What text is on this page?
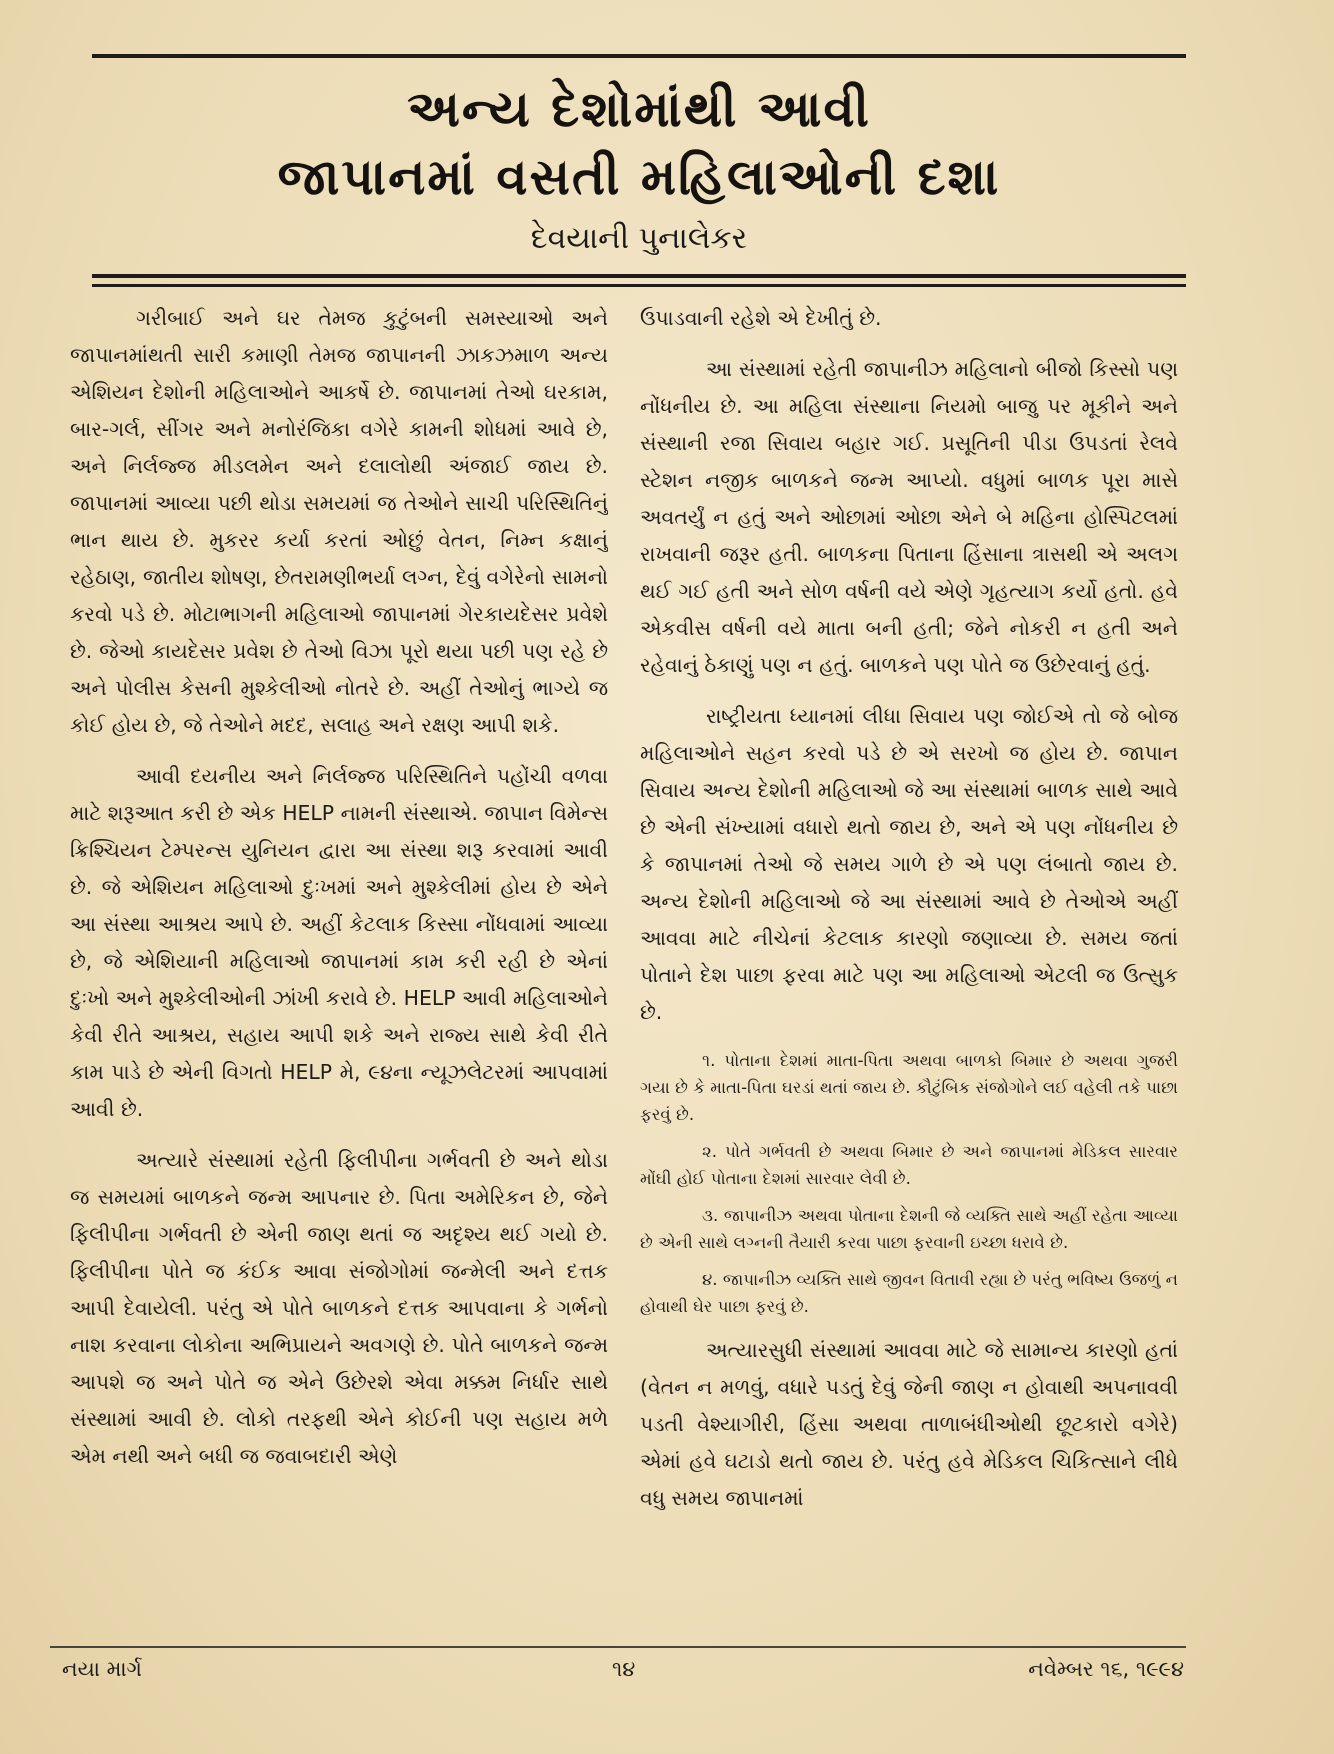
અન્ય દેશોમાંથી આવી
જાપાનમાં વસતી મહિલાઓની દશા
દેવયાની પુનાલેકર

ગરીબાઈ અને ઘર તેમજ કુટુંબની સમસ્યાઓ અને જાપાનમાંથતી સારી કમાણી તેમજ જાપાનની ઝાકઝમાળ અન્ય એશિયન દેશોની મહિલાઓને આકર્ષે છે. જાપાનમાં તેઓ ઘરકામ, બાર-ગર્લ, સીંગર અને મનોરંજિકા વગેરે કામની શોધમાં આવે છે, અને નિર્લજ્જ મીડલમેન અને દલાલોથી અંજાઈ જાય છે. જાપાનમાં આવ્યા પછી થોડા સમયમાં જ તેઓને સાચી પરિસ્થિતિનું ભાન થાય છે. મુકરર કર્યા કરતાં ઓછું વેતન, નિમ્ન કક્ષાનું રહેઠાણ, જાતીય શોષણ, છેતરામણીભર્યા લગ્ન, દેવું વગેરેનો સામનો કરવો પડે છે. મોટાભાગની મહિલાઓ જાપાનમાં ગેરકાયદેસર પ્રવેશે છે. જેઓ કાયદેસર પ્રવેશ છે તેઓ વિઝા પૂરો થયા પછી પણ રહે છે અને પોલીસ કેસની મુશ્કેલીઓ નોતરે છે. અહીં તેઓનું ભાગ્યે જ કોઈ હોય છે, જે તેઓને મદદ, સલાહ અને રક્ષણ આપી શકે.

આવી દયનીય અને નિર્લજ્જ પરિસ્થિતિને પહોંચી વળવા માટે શરૂઆત કરી છે એક HELP નામની સંસ્થાએ. જાપાન વિમેન્સ ક્રિશ્ચિયન ટેમ્પરન્સ યુનિયન દ્વારા આ સંસ્થા શરૂ કરવામાં આવી છે. જે એશિયન મહિલાઓ દુઃખમાં અને મુશ્કેલીમાં હોય છે એને આ સંસ્થા આશ્રય આપે છે. અહીં કેટલાક કિસ્સા નોંધવામાં આવ્યા છે, જે એશિયાની મહિલાઓ જાપાનમાં કામ કરી રહી છે એનાં દુઃખો અને મુશ્કેલીઓની ઝાંખી કરાવે છે. HELP આવી મહિલાઓને કેવી રીતે આશ્રય, સહાય આપી શકે અને રાજ્ય સાથે કેવી રીતે કામ પાડે છે એની વિગતો HELP મે, ૯૪ના ન્યૂઝલેટરમાં આપવામાં આવી છે.

અત્યારે સંસ્થામાં રહેતી ફિલીપીના ગર્ભવતી છે અને થોડા જ સમયમાં બાળકને જન્મ આપનાર છે. પિતા અમેરિકન છે, જેને ફિલીપીના ગર્ભવતી છે એની જાણ થતાં જ અદૃશ્ય થઈ ગયો છે. ફિલીપીના પોતે જ કંઈક આવા સંજોગોમાં જન્મેલી અને દત્તક આપી દેવાયેલી. પરંતુ એ પોતે બાળકને દત્તક આપવાના કે ગર્ભનો નાશ કરવાના લોકોના અભિપ્રાયને અવગણે છે. પોતે બાળકને જન્મ આપશે જ અને પોતે જ એને ઉછેરશે એવા મક્કમ નિર્ધાર સાથે સંસ્થામાં આવી છે. લોકો તરફથી એને કોઈની પણ સહાય મળે એમ નથી અને બધી જ જવાબદારી એણે

ઉપાડવાની રહેશે એ દેખીતું છે.

આ સંસ્થામાં રહેતી જાપાનીઝ મહિલાનો બીજો કિસ્સો પણ નોંધનીય છે. આ મહિલા સંસ્થાના નિયમો બાજુ પર મૂકીને અને સંસ્થાની રજા સિવાય બહાર ગઈ. પ્રસૂતિની પીડા ઉપડતાં રેલવે સ્ટેશન નજીક બાળકને જન્મ આપ્યો. વધુમાં બાળક પૂરા માસે અવતર્યું ન હતું અને ઓછામાં ઓછા એને બે મહિના હોસ્પિટલમાં રાખવાની જરૂર હતી. બાળકના પિતાના હિંસાના ત્રાસથી એ અલગ થઈ ગઈ હતી અને સોળ વર્ષની વયે એણે ગૃહત્યાગ કર્યો હતો. હવે એકવીસ વર્ષની વયે માતા બની હતી; જેને નોકરી ન હતી અને રહેવાનું ઠેકાણું પણ ન હતું. બાળકને પણ પોતે જ ઉછેરવાનું હતું.

રાષ્ટ્રીયતા ધ્યાનમાં લીધા સિવાય પણ જોઈએ તો જે બોજ મહિલાઓને સહન કરવો પડે છે એ સરખો જ હોય છે. જાપાન સિવાય અન્ય દેશોની મહિલાઓ જે આ સંસ્થામાં બાળક સાથે આવે છે એની સંખ્યામાં વધારો થતો જાય છે, અને એ પણ નોંધનીય છે કે જાપાનમાં તેઓ જે સમય ગાળે છે એ પણ લંબાતો જાય છે. અન્ય દેશોની મહિલાઓ જે આ સંસ્થામાં આવે છે તેઓએ અહીં આવવા માટે નીચેનાં કેટલાક કારણો જણાવ્યા છે. સમય જતાં પોતાને દેશ પાછા ફરવા માટે પણ આ મહિલાઓ એટલી જ ઉત્સુક છે.

૧. પોતાના દેશમાં માતા-પિતા અથવા બાળકો બિમાર છે અથવા ગુજરી ગયા છે કે માતા-પિતા ઘરડાં થતાં જાય છે. કૌટુંબિક સંજોગોને લઈ વહેલી તકે પાછા ફરવું છે.

૨. પોતે ગર્ભવતી છે અથવા બિમાર છે અને જાપાનમાં મેડિકલ સારવાર મોંઘી હોઈ પોતાના દેશમાં સારવાર લેવી છે.

૩. જાપાનીઝ અથવા પોતાના દેશની જે વ્યક્તિ સાથે અહીં રહેતા આવ્યા છે એની સાથે લગ્નની તૈયારી કરવા પાછા ફરવાની ઇચ્છા ધરાવે છે.

૪. જાપાનીઝ વ્યક્તિ સાથે જીવન વિતાવી રહ્યા છે પરંતુ ભવિષ્ય ઉજળું ન હોવાથી ઘેર પાછા ફરવું છે.

અત્યારસુધી સંસ્થામાં આવવા માટે જે સામાન્ય કારણો હતાં (વેતન ન મળવું, વધારે પડતું દેવું જેની જાણ ન હોવાથી અપનાવવી પડતી વેશ્યાગીરી, હિંસા અથવા તાળાબંધીઓથી છૂટકારો વગેરે) એમાં હવે ઘટાડો થતો જાય છે. પરંતુ હવે મેડિકલ ચિકિત્સાને લીધે વધુ સમય જાપાનમાં

નયા માર્ગ	૧૪	નવેમ્બર ૧૬, ૧૯૯૪
